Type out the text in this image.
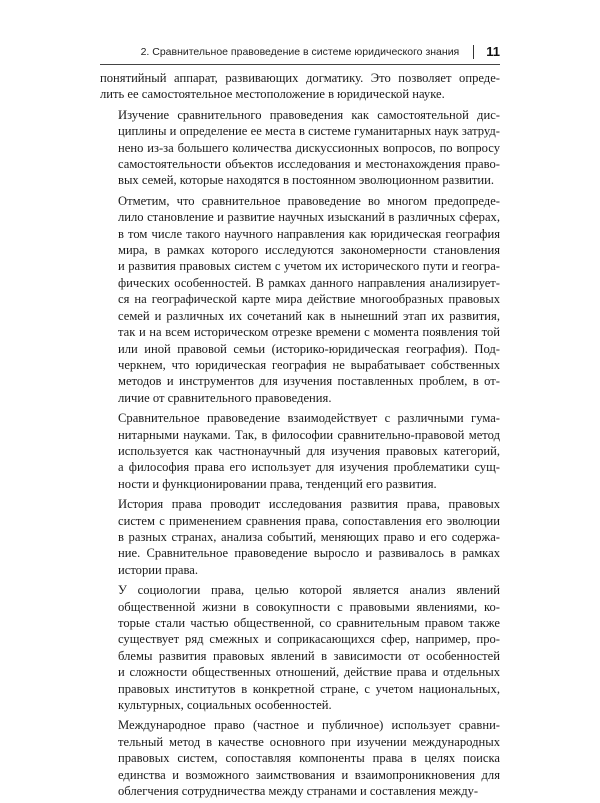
2. Сравнительное правоведение в системе юридического знания 11

понятийный аппарат, развивающих догматику. Это позволяет опреде-
лить ее самостоятельное местоположение в юридической науке.

Изучение сравнительного правоведения как самостоятельной дис-
циплины и определение ее места в системе гуманитарных наук затруд-
нено из-за большего количества дискуссионных вопросов, по вопросу
самостоятельности объектов исследования и местонахождения право-
вых семей, которые находятся в постоянном эволюционном развитии.

Отметим, что сравнительное правоведение во многом предопреде-
лило становление и развитие научных изысканий в различных сферах,
в том числе такого научного направления как юридическая география
мира, в рамках которого исследуются закономерности становления
и развития правовых систем с учетом их исторического пути и геогра-
фических особенностей. В рамках данного направления анализирует-
ся на географической карте мира действие многообразных правовых
семей и различных их сочетаний как в нынешний этап их развития,
так и на всем историческом отрезке времени с момента появления той
или иной правовой семьи (историко-юридическая география). Под-
черкнем, что юридическая география не вырабатывает собственных
методов и инструментов для изучения поставленных проблем, в от-
личие от сравнительного правоведения.

Сравнительное правоведение взаимодействует с различными гума-
нитарными науками. Так, в философии сравнительно-правовой метод
используется как частнонаучный для изучения правовых категорий,
а философия права его использует для изучения проблематики сущ-
ности и функционировании права, тенденций его развития.

История права проводит исследования развития права, правовых
систем с применением сравнения права, сопоставления его эволюции
в разных странах, анализа событий, меняющих право и его содержа-
ние. Сравнительное правоведение выросло и развивалось в рамках
истории права.

У социологии права, целью которой является анализ явлений
общественной жизни в совокупности с правовыми явлениями, ко-
торые стали частью общественной, со сравнительным правом также
существует ряд смежных и соприкасающихся сфер, например, про-
блемы развития правовых явлений в зависимости от особенностей
и сложности общественных отношений, действие права и отдельных
правовых институтов в конкретной стране, с учетом национальных,
культурных, социальных особенностей.

Международное право (частное и публичное) использует сравни-
тельный метод в качестве основного при изучении международных
правовых систем, сопоставляя компоненты права в целях поиска
единства и возможного заимствования и взаимопроникновения для
облегчения сотрудничества между странами и составления между-
